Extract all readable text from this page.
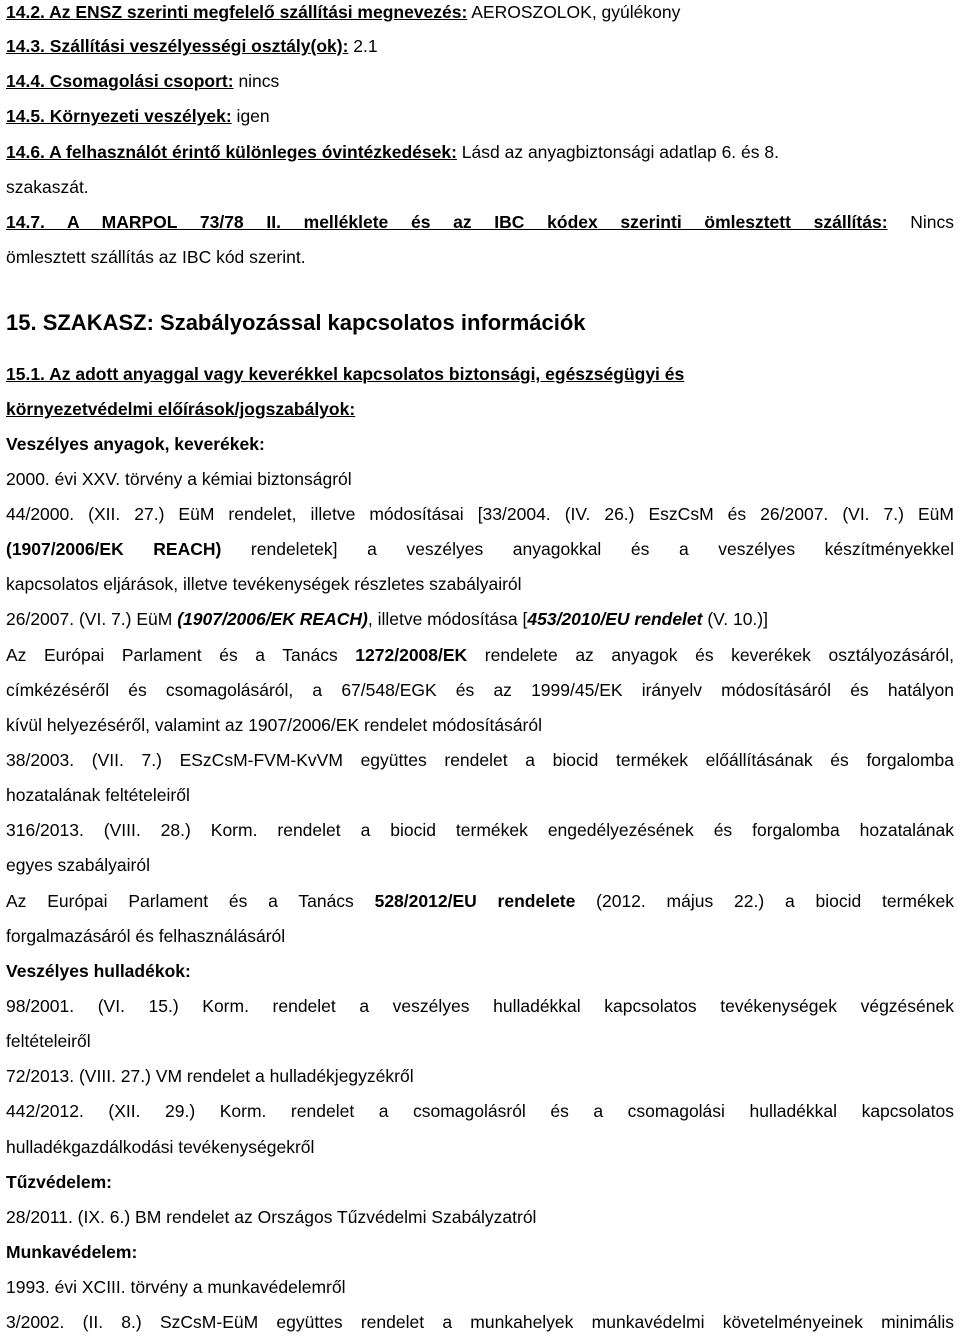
14.2. Az ENSZ szerinti megfelelő szállítási megnevezés: AEROSZOLOK, gyúlékony
14.3. Szállítási veszélyességi osztály(ok): 2.1
14.4. Csomagolási csoport: nincs
14.5. Környezeti veszélyek: igen
14.6. A felhasználót érintő különleges óvintézkedések: Lásd az anyagbiztonsági adatlap 6. és 8.
szakaszát.
14.7. A MARPOL 73/78 II. melléklete és az IBC kódex szerinti ömlesztett szállítás: Nincs
ömlesztett szállítás az IBC kód szerint.
15. SZAKASZ: Szabályozással kapcsolatos információk
15.1. Az adott anyaggal vagy keverékkel kapcsolatos biztonsági, egészségügyi és
környezetvédelmi előírások/jogszabályok:
Veszélyes anyagok, keverékek:
2000. évi XXV. törvény a kémiai biztonságról
44/2000. (XII. 27.) EüM rendelet, illetve módosításai [33/2004. (IV. 26.) EszCsM és 26/2007. (VI. 7.) EüM
(1907/2006/EK REACH) rendeletek] a veszélyes anyagokkal és a veszélyes készítményekkel
kapcsolatos eljárások, illetve tevékenységek részletes szabályairól
26/2007. (VI. 7.) EüM (1907/2006/EK REACH), illetve módosítása [453/2010/EU rendelet (V. 10.)]
Az Európai Parlament és a Tanács 1272/2008/EK rendelete az anyagok és keverékek osztályozásáról,
címkézéséről és csomagolásáról, a 67/548/EGK és az 1999/45/EK irányelv módosításáról és hatályon
kívül helyezéséről, valamint az 1907/2006/EK rendelet módosításáról
38/2003. (VII. 7.) ESzCsM-FVM-KvVM együttes rendelet a biocid termékek előállításának és forgalomba
hozatalának feltételeiről
316/2013. (VIII. 28.) Korm. rendelet a biocid termékek engedélyezésének és forgalomba hozatalának
egyes szabályairól
Az Európai Parlament és a Tanács 528/2012/EU rendelete (2012. május 22.) a biocid termékek
forgalmazásáról és felhasználásáról
Veszélyes hulladékok:
98/2001. (VI. 15.) Korm. rendelet a veszélyes hulladékkal kapcsolatos tevékenységek végzésének
feltételeiről
72/2013. (VIII. 27.) VM rendelet a hulladékjegyzékről
442/2012. (XII. 29.) Korm. rendelet a csomagolásról és a csomagolási hulladékkal kapcsolatos
hulladékgazdálkodási tevékenységekről
Tűzvédelem:
28/2011. (IX. 6.) BM rendelet az Országos Tűzvédelmi Szabályzatról
Munkavédelem:
1993. évi XCIII. törvény a munkavédelemről
3/2002. (II. 8.) SzCsM-EüM együttes rendelet a munkahelyek munkavédelmi követelményeinek minimális
